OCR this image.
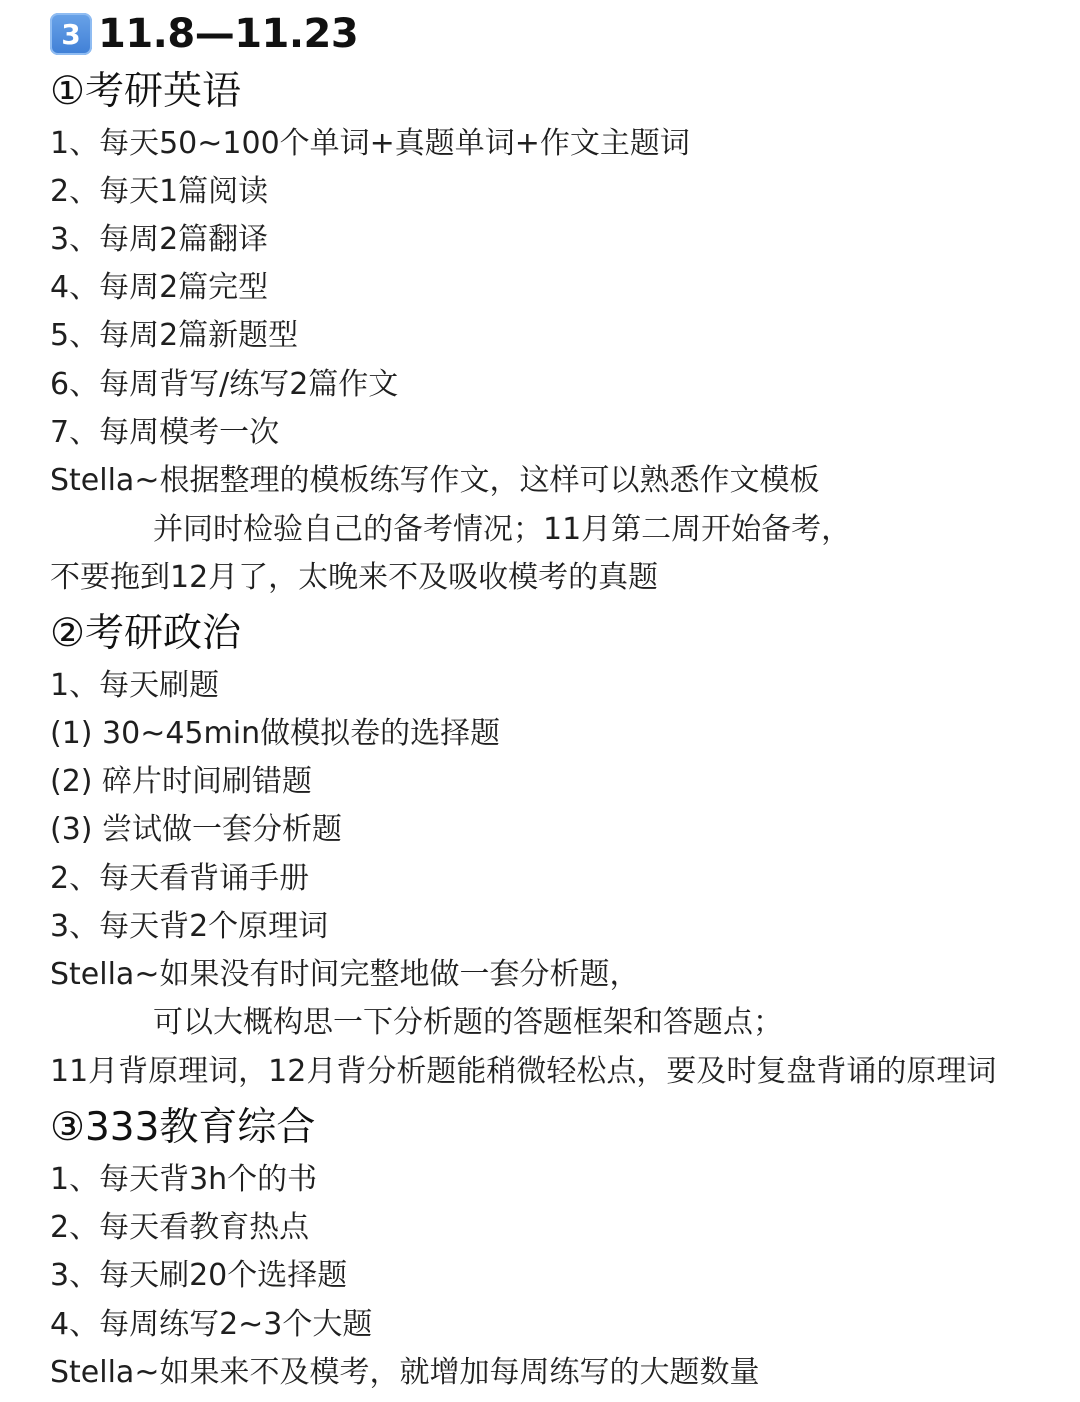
3 11.8—11.23
①考研英语
1、每天50~100个单词+真题单词+作文主题词
2、每天1篇阅读
3、每周2篇翻译
4、每周2篇完型
5、每周2篇新题型
6、每周背写/练写2篇作文
7、每周模考一次
Stella~根据整理的模板练写作文，这样可以熟悉作文模板
并同时检验自己的备考情况；11月第二周开始备考，
不要拖到12月了，太晚来不及吸收模考的真题
②考研政治
1、每天刷题
(1) 30~45min做模拟卷的选择题
(2) 碎片时间刷错题
(3) 尝试做一套分析题
2、每天看背诵手册
3、每天背2个原理词
Stella~如果没有时间完整地做一套分析题，
可以大概构思一下分析题的答题框架和答题点；
11月背原理词，12月背分析题能稍微轻松点，要及时复盘背诵的原理词
③333教育综合
1、每天背3h个的书
2、每天看教育热点
3、每天刷20个选择题
4、每周练写2~3个大题
Stella~如果来不及模考，就增加每周练写的大题数量
